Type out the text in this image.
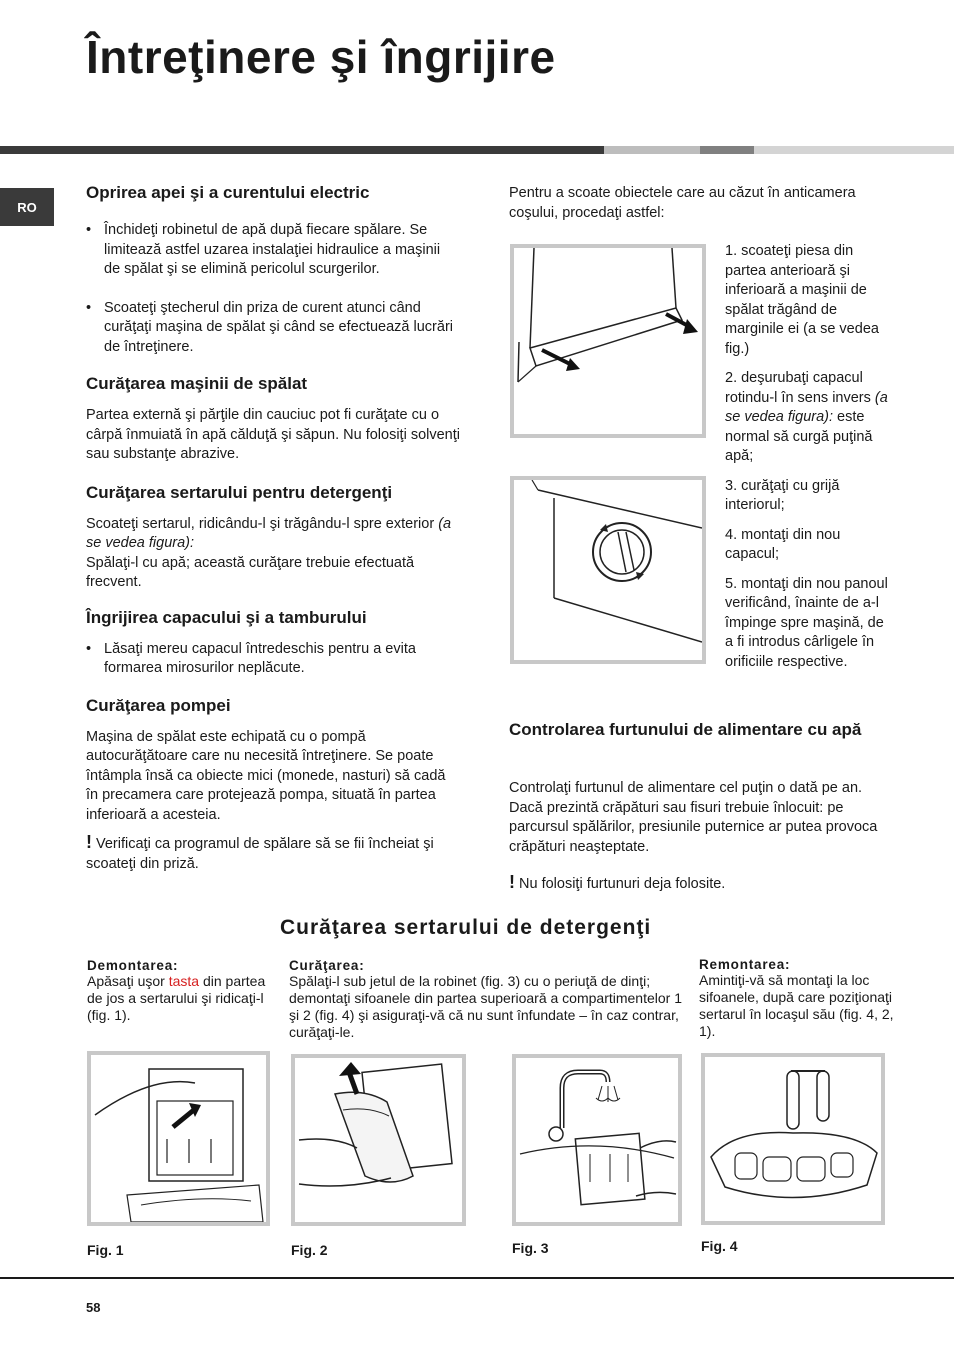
Întreţinere şi îngrijire
RO
Oprirea apei şi a curentului electric
• Închideţi robinetul de apă după fiecare spălare. Se limitează astfel uzarea instalaţiei hidraulice a maşinii de spălat şi se elimină pericolul scurgerilor.
• Scoateţi ştecherul din priza de curent atunci când curăţaţi maşina de spălat şi când se efectuează lucrări de întreţinere.
Curăţarea maşinii de spălat

Partea externă şi părţile din cauciuc pot fi curăţate cu o cârpă înmuiată în apă călduţă şi săpun. Nu folosiţi solvenţi sau substanţe abrazive.

Curăţarea sertarului pentru detergenţi

Scoateţi sertarul, ridicându-l şi trăgându-l spre exterior (a se vedea figura):

Spălaţi-l cu apă; această curăţare trebuie efectuată frecvent.

Îngrijirea capacului şi a tamburului
• Lăsaţi mereu capacul întredeschis pentru a evita formarea mirosurilor neplăcute.
Curăţarea pompei

Maşina de spălat este echipată cu o pompă autocurăţătoare care nu necesită întreţinere. Se poate întâmpla însă ca obiecte mici (monede, nasturi) să cadă în precamera care protejează pompa, situată în partea inferioară a acesteia.

! Verificaţi ca programul de spălare să se fii încheiat şi scoateţi din priză.

Pentru a scoate obiectele care au căzut în anticamera coşului, procedaţi astfel:

1. scoateţi piesa din partea anterioară şi inferioară a maşinii de spălat trăgând de marginile ei (a se vedea fig.)

2. deşurubaţi capacul rotindu-l în sens invers (a se vedea figura): este normal să curgă puţină apă;

3. curăţaţi cu grijă interiorul;

4. montaţi din nou capacul;

5. montaţi din nou panoul verificând, înainte de a-l împinge spre maşină, de a fi introdus cârligele în orificiile respective.

Controlarea furtunului de alimentare cu apă

Controlaţi furtunul de alimentare cel puţin o dată pe an. Dacă prezintă crăpături sau fisuri trebuie înlocuit: pe parcursul spălărilor, presiunile puternice ar putea provoca crăpături neaşteptate.

! Nu folosiţi furtunuri deja folosite.

Curăţarea sertarului de detergenţi
Demontarea:

Apăsaţi uşor tasta din partea de jos a sertarului şi ridicaţi-l (fig. 1).

Curăţarea:

Spălaţi-l sub jetul de la robinet (fig. 3) cu o periuţă de dinţi; demontaţi sifoanele din partea superioară a compartimentelor 1 şi 2 (fig. 4) şi asiguraţi-vă că nu sunt înfundate – în caz contrar, curăţaţi-le.

Remontarea:

Amintiţi-vă să montaţi la loc sifoanele, după care poziţionaţi sertarul în locaşul său (fig. 4, 2, 1).

Fig. 1	Fig. 2	Fig. 3	Fig. 4
58
